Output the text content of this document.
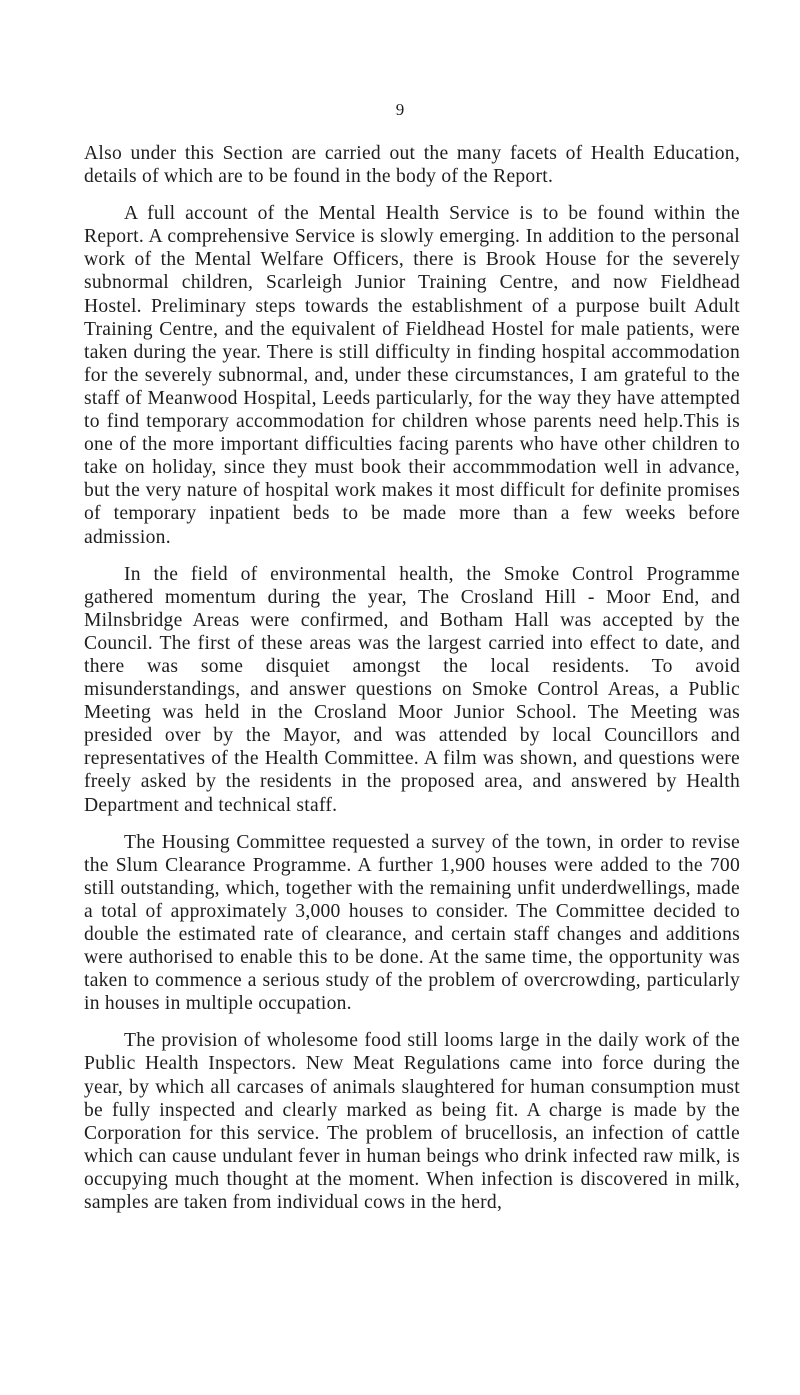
9

Also under this Section are carried out the many facets of Health Education, details of which are to be found in the body of the Report.

A full account of the Mental Health Service is to be found within the Report. A comprehensive Service is slowly emerging. In addition to the personal work of the Mental Welfare Officers, there is Brook House for the severely subnormal children, Scarleigh Junior Training Centre, and now Fieldhead Hostel. Preliminary steps towards the establishment of a purpose built Adult Training Centre, and the equivalent of Fieldhead Hostel for male patients, were taken during the year. There is still difficulty in finding hospital accommodation for the severely subnormal, and, under these circumstances, I am grateful to the staff of Meanwood Hospital, Leeds particularly, for the way they have attempted to find temporary accommodation for children whose parents need help.This is one of the more important difficulties facing parents who have other children to take on holiday, since they must book their accommmodation well in advance, but the very nature of hospital work makes it most difficult for definite promises of temporary inpatient beds to be made more than a few weeks before admission.

In the field of environmental health, the Smoke Control Programme gathered momentum during the year, The Crosland Hill - Moor End, and Milnsbridge Areas were confirmed, and Botham Hall was accepted by the Council. The first of these areas was the largest carried into effect to date, and there was some disquiet amongst the local residents. To avoid misunderstandings, and answer questions on Smoke Control Areas, a Public Meeting was held in the Crosland Moor Junior School. The Meeting was presided over by the Mayor, and was attended by local Councillors and representatives of the Health Committee. A film was shown, and questions were freely asked by the residents in the proposed area, and answered by Health Department and technical staff.

The Housing Committee requested a survey of the town, in order to revise the Slum Clearance Programme. A further 1,900 houses were added to the 700 still outstanding, which, together with the remaining unfit underdwellings, made a total of approximately 3,000 houses to consider. The Committee decided to double the estimated rate of clearance, and certain staff changes and additions were authorised to enable this to be done. At the same time, the opportunity was taken to commence a serious study of the problem of overcrowding, particularly in houses in multiple occupation.

The provision of wholesome food still looms large in the daily work of the Public Health Inspectors. New Meat Regulations came into force during the year, by which all carcases of animals slaughtered for human consumption must be fully inspected and clearly marked as being fit. A charge is made by the Corporation for this service. The problem of brucellosis, an infection of cattle which can cause undulant fever in human beings who drink infected raw milk, is occupying much thought at the moment. When infection is discovered in milk, samples are taken from individual cows in the herd,
